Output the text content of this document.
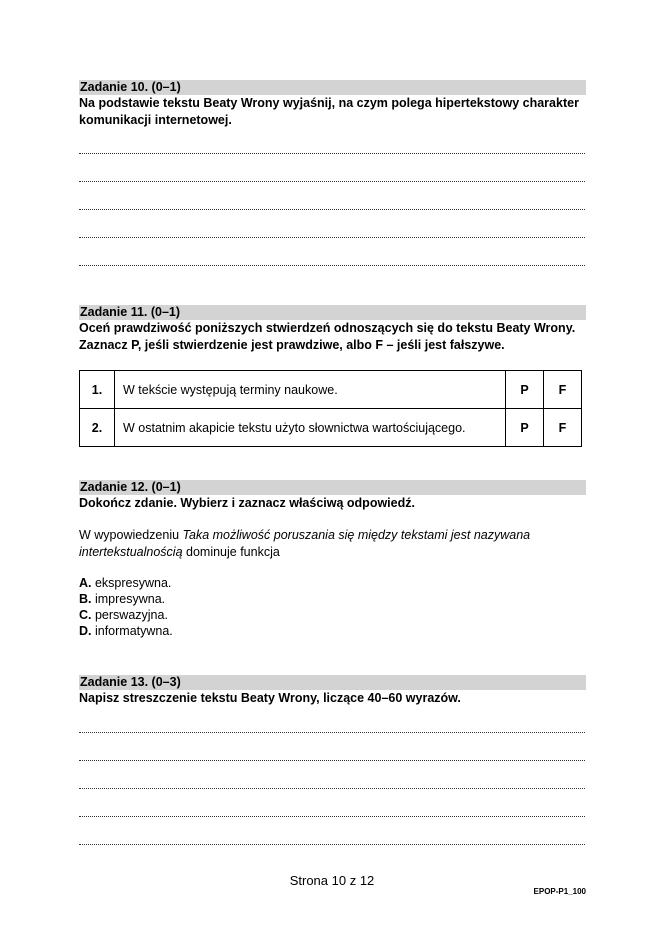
Zadanie 10. (0–1)
Na podstawie tekstu Beaty Wrony wyjaśnij, na czym polega hipertekstowy charakter komunikacji internetowej.
Zadanie 11. (0–1)
Oceń prawdziwość poniższych stwierdzeń odnoszących się do tekstu Beaty Wrony.
Zaznacz P, jeśli stwierdzenie jest prawdziwe, albo F – jeśli jest fałszywe.
1.	W tekście występują terminy naukowe.	P	F
2.	W ostatnim akapicie tekstu użyto słownictwa wartościującego.	P	F
Zadanie 12. (0–1)
Dokończ zdanie. Wybierz i zaznacz właściwą odpowiedź.
W wypowiedzeniu Taka możliwość poruszania się między tekstami jest nazywana intertekstualnością dominuje funkcja
A. ekspresywna.
B. impresywna.
C. perswazyjna.
D. informatywna.
Zadanie 13. (0–3)
Napisz streszczenie tekstu Beaty Wrony, liczące 40–60 wyrazów.
Strona 10 z 12
EPOP-P1_100
